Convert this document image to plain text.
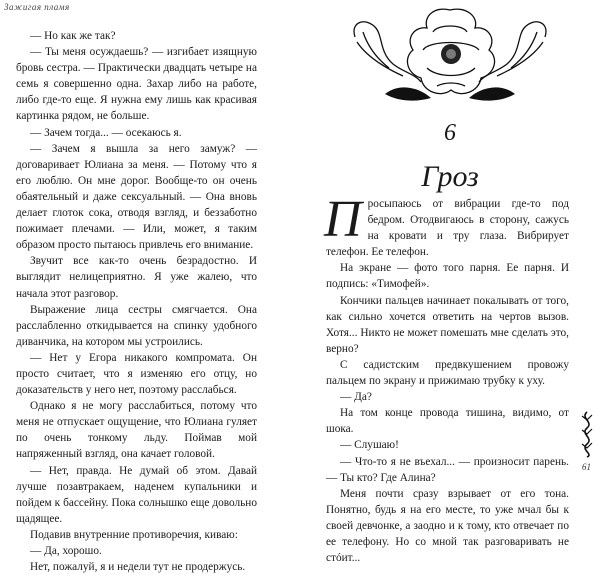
Зажигая пламя

— Но как же так?

— Ты меня осуждаешь? — изгибает изящную бровь сестра. — Практически двадцать четыре на семь я совершенно одна. Захар либо на работе, либо где-то еще. Я нужна ему лишь как красивая картинка рядом, не больше.

— Зачем тогда... — осекаюсь я.

— Зачем я вышла за него замуж? — договаривает Юлиана за меня. — Потому что я его люблю. Он мне дорог. Вообще-то он очень обаятельный и даже сексуальный. — Она вновь делает глоток сока, отводя взгляд, и беззаботно пожимает плечами. — Или, может, я таким образом просто пытаюсь привлечь его внимание.

Звучит все как-то очень безрадостно. И выглядит нелицеприятно. Я уже жалею, что начала этот разговор.

Выражение лица сестры смягчается. Она расслабленно откидывается на спинку удобного диванчика, на котором мы устроились.

— Нет у Егора никакого компромата. Он просто считает, что я изменяю его отцу, но доказательств у него нет, поэтому расслабься.

Однако я не могу расслабиться, потому что меня не отпускает ощущение, что Юлиана гуляет по очень тонкому льду. Поймав мой напряженный взгляд, она качает головой.

— Нет, правда. Не думай об этом. Давай лучше позавтракаем, наденем купальники и пойдем к бассейну. Пока солнышко еще довольно щадящее.

Подавив внутренние противоречия, киваю:

— Да, хорошо.

Нет, пожалуй, я и недели тут не продержусь.

6
Гроз

Просыпаюсь от вибрации где-то под бедром. Отодвигаюсь в сторону, сажусь на кровати и тру глаза. Вибрирует телефон. Ее телефон.

На экране — фото того парня. Ее парня. И подпись: «Тимофей».

Кончики пальцев начинает покалывать от того, как сильно хочется ответить на чертов вызов. Хотя... Никто не может помешать мне сделать это, верно?

С садистским предвкушением провожу пальцем по экрану и прижимаю трубку к уху.

— Да?

На том конце провода тишина, видимо, от шока.

— Слушаю!

— Что-то я не въехал... — произносит парень. — Ты кто? Где Алина?

Меня почти сразу взрывает от его тона. Понятно, будь я на его месте, то уже мчал бы к своей девчонке, а заодно и к тому, кто отвечает по ее телефону. Но со мной так разговаривать не стóит...

61
